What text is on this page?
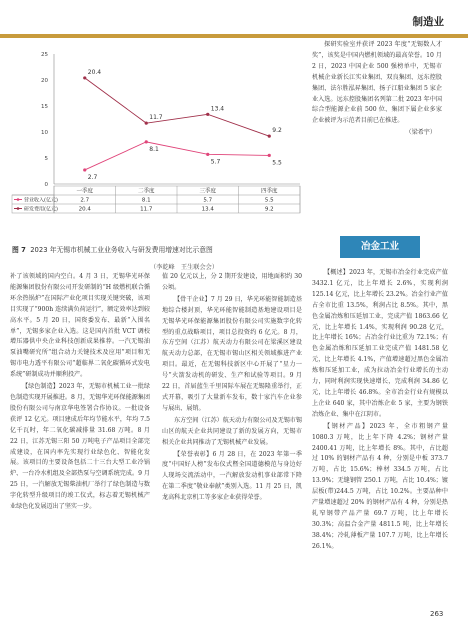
制造业

探研实验室并获评 2023 年度“无锡数人才奖”，该奖是中国内燃机领域的最高荣誉。10 月 2 日，2023 中国企业 500 强榜单中，无锡市机械企业新长江实业集团、双良集团、远东控股集团、法尔胜泓昇集团、扬子江船业集团 5 家企业入选。远东控股集团名列第二批 2023 年中国综合型能源企业前 500 位、集团下属企业多家企业被评为示范者目前已在推进。

（梁希宇）
0
5
10
15
20
25
2.7
8.1
5.7	5.5
20.4
11.7
13.4
9.2
一季度	二季度	三季度	四季度
营业收入(亿元)	2.7	8.1	5.7	5.5
研发费用(亿元)	20.4	11.7	13.4	9.2
图 7 2023 年无锡市机械工业业务收入与研发费用增速对比示意图
（李乾峰　王生联会会）
冶金工业

补了该领域的国内空白。4 月 3 日，无锡华光环保能源集团股份有限公司开发研制的“H 级燃机联合循环余热锅炉”在国际产业化项目实现关键突破，该项目实现了“900h 连续满负荷运行”，额定效率达到较高水平。5 月 20 日，国资委发布、最新“入围名单”，无锡多家企业入选。这是国内首批 VCT 调校增压器供中央企业科技创新成果推荐。一汽无锡油泵油嘴研究所“组合动力关键技术及应用”项目和无锡市电力透平有限公司“超临界二氧化碳循环式发电系统”研制成功并顺利投产。

【绿色制造】2023 年，无锡市机械工业一批绿色制造实现开展推进。8 月，无锡华光环保能源集团股份有限公司与南京华电签署合作协议。一批设备获评 12 亿元。项目建成后年均节能水平，年均 7.5 亿千瓦时，年二氧化碳减排量 31.68 万吨。8 月 22 日，江苏无锡三阳 50 万吨电子产品项目全部完成建设，在国内率先实现行业绿色化、智能化发展。该项目的主要设备包括二十三台大型工业冷锅炉、一台冷水机组及全部热泵与空调系统完成。9 月 25 日，一汽解放无锡柴油机厂举行了绿色制造与数字化转型升级项目的竣工仪式，标志着无锡机械产业绿色化发展迈出了坚实一步。

值 20 亿元以上，分 2 期开发建设，用地面积约 30 公顷。

【骨干企业】7 月 29 日，华光环能智能制造基地综合楼封顶，华光环能智能制造基地建设项目是无锡华光环保能源集团股份有限公司实施数字化转型的重点战略项目，项目总投资约 6 亿元。8 月，东方空间（江苏）航天动力有限公司在梁溪区建设航天动力总部，在无锡市锡山区相关领域推进产业项目。最近，在无锡科技新区中心开展了“星力一号”火箭发动机的研发、生产和试验等项目。9 月 22 日，首届蓝生千里国际车展在无锡隆重举行，正式开幕，吸引了大量新车发布，数十家汽车企业参与展出、展销。

东方空间（江苏）航天动力有限公司及无锡市锡山区的航天企业共同建设了新的发展方向，无锡市相关企业共同推动了无锡机械产业发展。

【荣誉表彰】6 月 28 日，在 2023 年第一季度“中国好人榜”发布仪式暨全国道德模范与身边好人现场交流活动中，一汽解放发动机事业部常下降在第二季度“敬业奉献”类别入选。11 月 25 日，凯龙高科北京机工等多家企业获得荣誉。

【概述】2023 年，无锡市冶金行业完成产值 3432.1 亿元，比上年增长 2.6%，实现利润 125.14 亿元，比上年增长 23.2%。冶金行业产值占全市比重 13.5%，利润占比 8.5%。其中，黑色金属冶炼和压延加工业，完成产值 1863.66 亿元，比上年增长 1.4%，实现利润 90.28 亿元，比上年增长 16%；占冶金行业比重为 72.1%；有色金属冶炼和压延加工业完成产值 1481.58 亿元，比上年增长 4.1%，产值增速超过黑色金属冶炼和压延加工业，成为拉动冶金行业增长的主动力，同时利润实现快速增长，完成利润 34.86 亿元，比上年增长 46.8%。全市冶金行业有规模以上企业 640 家，其中冶炼企业 5 家，主要为钢铁冶炼企业、集中在江阴市。

【钢材产品】2023 年，全市粗钢产量 1080.3 万吨，比上年下降 4.2%；钢材产量 2400.41 万吨，比上年增长 8%。其中，占比超过 10% 的钢材产品有 4 种，分别是中板 373.7 万吨，占比 15.6%；棒材 334.5 万吨，占比 13.9%；无缝钢管 250.1 万吨，占比 10.4%；镀层板(带)244.5 万吨，占比 10.2%。主要品种中产量增速超过 20% 的钢材产品有 4 种，分别是热轧窄钢带产品产量 69.7 万吨，比上年增长 30.3%；高温合金产量 4811.5 吨，比上年增长 38.4%；冷轧薄板产量 107.7 万吨，比上年增长 26.1%。

263
